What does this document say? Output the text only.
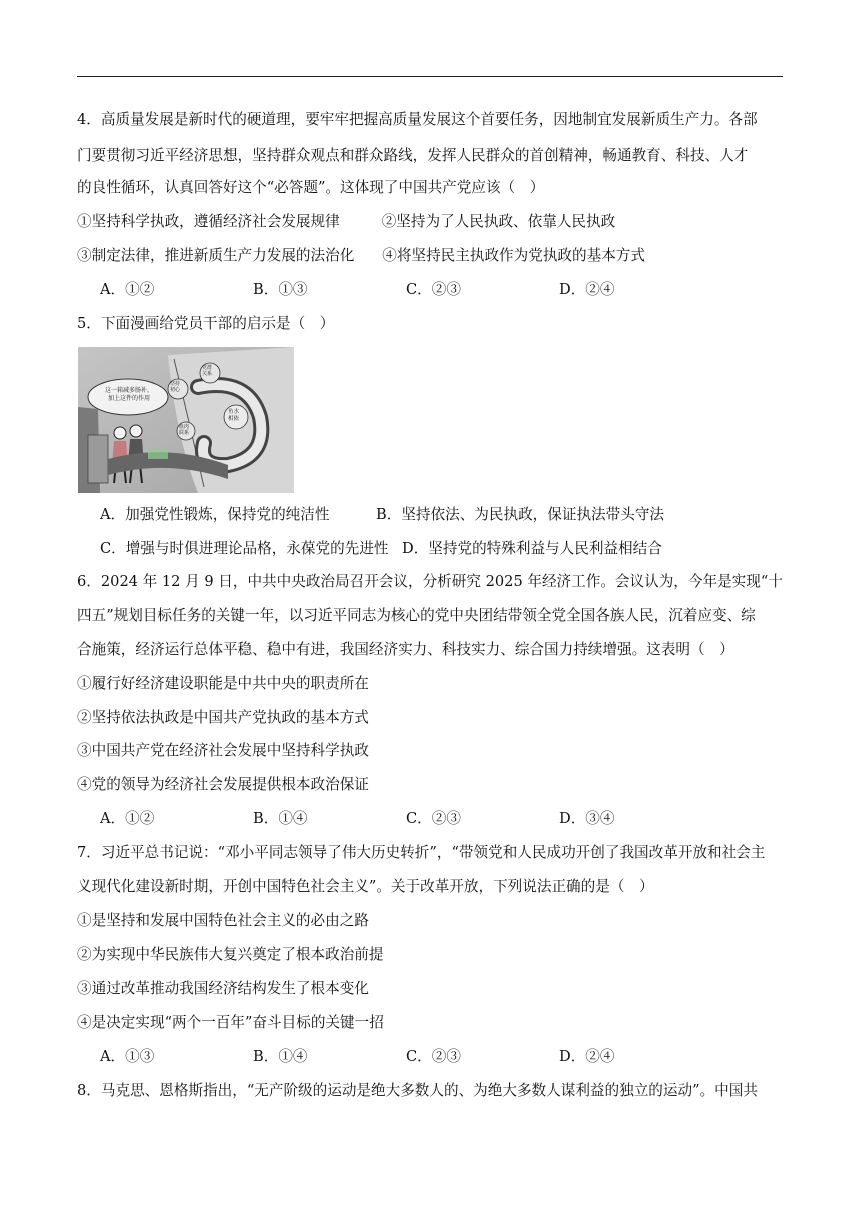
4．高质量发展是新时代的硬道理，要牢牢把握高质量发展这个首要任务，因地制宜发展新质生产力。各部
门要贯彻习近平经济思想，坚持群众观点和群众路线，发挥人民群众的首创精神，畅通教育、科技、人才
的良性循环，认真回答好这个“必答题”。这体现了中国共产党应该（　）
①坚持科学执政，遵循经济社会发展规律	②坚持为了人民执政、依靠人民执政
③制定法律，推进新质生产力发展的法治化 ④将坚持民主执政作为党执政的基本方式
A．①②	B．①③	C．②③	D．②④
5．下面漫画给党员干部的启示是（　）
这一箱减多肠补，
加上这件的作用
坚持
初心
党群
关系
鱼水
相依
血肉
联系
A．加强党性锻炼，保持党的纯洁性	B．坚持依法、为民执政，保证执法带头守法
C．增强与时俱进理论品格，永葆党的先进性 D．坚持党的特殊利益与人民利益相结合
6．2024 年 12 月 9 日，中共中央政治局召开会议，分析研究 2025 年经济工作。会议认为，今年是实现“十
四五”规划目标任务的关键一年，以习近平同志为核心的党中央团结带领全党全国各族人民，沉着应变、综
合施策，经济运行总体平稳、稳中有进，我国经济实力、科技实力、综合国力持续增强。这表明（　）
①履行好经济建设职能是中共中央的职责所在
②坚持依法执政是中国共产党执政的基本方式
③中国共产党在经济社会发展中坚持科学执政
④党的领导为经济社会发展提供根本政治保证
A．①②	B．①④	C．②③	D．③④
7．习近平总书记说：“邓小平同志领导了伟大历史转折”，“带领党和人民成功开创了我国改革开放和社会主
义现代化建设新时期，开创中国特色社会主义”。关于改革开放，下列说法正确的是（　）
①是坚持和发展中国特色社会主义的必由之路
②为实现中华民族伟大复兴奠定了根本政治前提
③通过改革推动我国经济结构发生了根本变化
④是决定实现“两个一百年”奋斗目标的关键一招
A．①③	B．①④	C．②③	D．②④
8．马克思、恩格斯指出，“无产阶级的运动是绝大多数人的、为绝大多数人谋利益的独立的运动”。中国共
